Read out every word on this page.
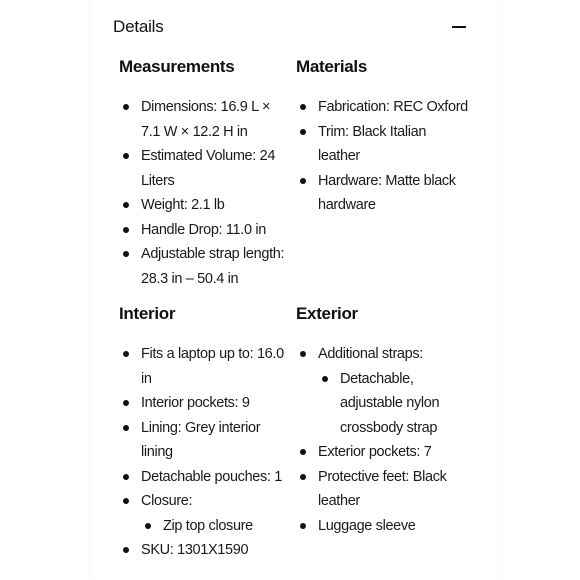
Details
Measurements
Dimensions: 16.9 L × 7.1 W × 12.2 H in
Estimated Volume: 24 Liters
Weight: 2.1 lb
Handle Drop: 11.0 in
Adjustable strap length: 28.3 in – 50.4 in
Materials
Fabrication: REC Oxford
Trim: Black Italian leather
Hardware: Matte black hardware
Interior
Fits a laptop up to: 16.0 in
Interior pockets: 9
Lining: Grey interior lining
Detachable pouches: 1
Closure:
Zip top closure
SKU: 1301X1590
Exterior
Additional straps:
Detachable, adjustable nylon crossbody strap
Exterior pockets: 7
Protective feet: Black leather
Luggage sleeve
